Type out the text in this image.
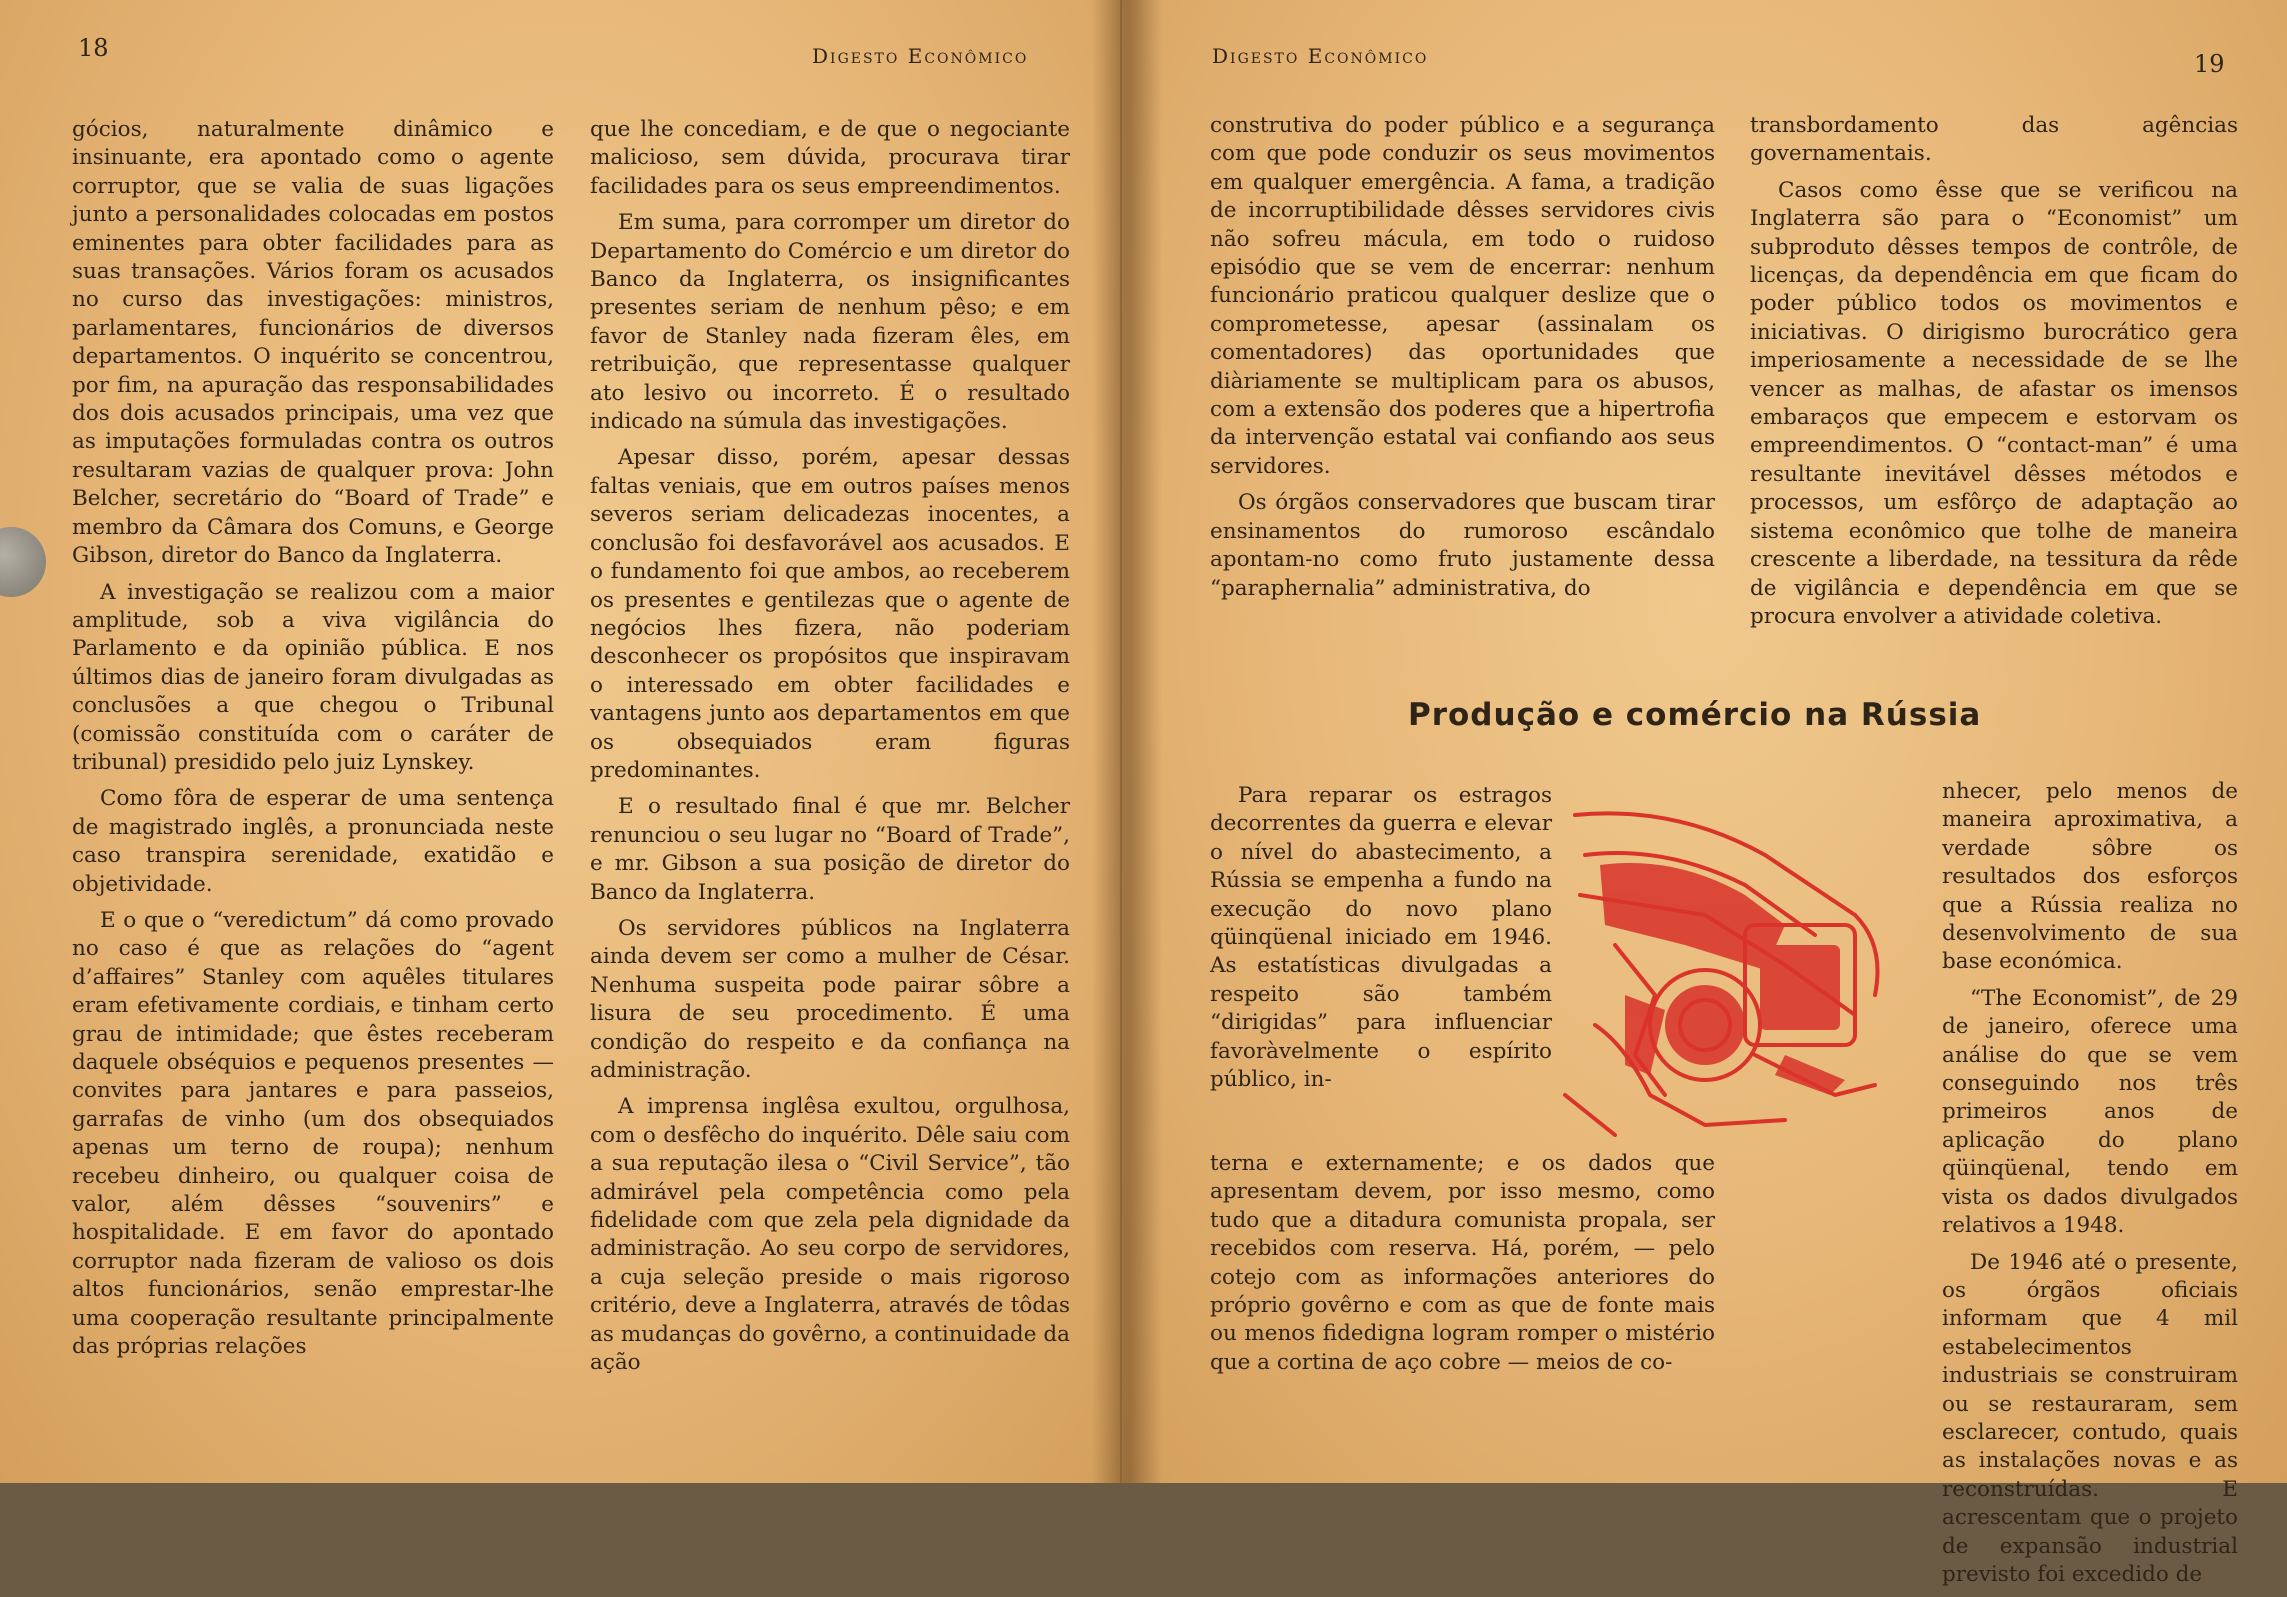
18	Digesto Econômico

gócios, naturalmente dinâmico e insinuante, era apontado como o agente corruptor, que se valia de suas ligações junto a personalidades colocadas em postos eminentes para obter facilidades para as suas transações. Vários foram os acusados no curso das investigações: ministros, parlamentares, funcionários de diversos departamentos. O inquérito se concentrou, por fim, na apuração das responsabilidades dos dois acusados principais, uma vez que as imputações formuladas contra os outros resultaram vazias de qualquer prova: John Belcher, secretário do “Board of Trade” e membro da Câmara dos Comuns, e George Gibson, diretor do Banco da Inglaterra.

A investigação se realizou com a maior amplitude, sob a viva vigilância do Parlamento e da opinião pública. E nos últimos dias de janeiro foram divulgadas as conclusões a que chegou o Tribunal (comissão constituída com o caráter de tribunal) presidido pelo juiz Lynskey.

Como fôra de esperar de uma sentença de magistrado inglês, a pronunciada neste caso transpira serenidade, exatidão e objetividade.

E o que o “veredictum” dá como provado no caso é que as relações do “agent d’affaires” Stanley com aquêles titulares eram efetivamente cordiais, e tinham certo grau de intimidade; que êstes receberam daquele obséquios e pequenos presentes — convites para jantares e para passeios, garrafas de vinho (um dos obsequiados apenas um terno de roupa); nenhum recebeu dinheiro, ou qualquer coisa de valor, além dêsses “souvenirs” e hospitalidade. E em favor do apontado corruptor nada fizeram de valioso os dois altos funcionários, senão emprestar-lhe uma cooperação resultante principalmente das próprias relações

que lhe concediam, e de que o negociante malicioso, sem dúvida, procurava tirar facilidades para os seus empreendimentos.

Em suma, para corromper um diretor do Departamento do Comércio e um diretor do Banco da Inglaterra, os insignificantes presentes seriam de nenhum pêso; e em favor de Stanley nada fizeram êles, em retribuição, que representasse qualquer ato lesivo ou incorreto. É o resultado indicado na súmula das investigações.

Apesar disso, porém, apesar dessas faltas veniais, que em outros países menos severos seriam delicadezas inocentes, a conclusão foi desfavorável aos acusados. E o fundamento foi que ambos, ao receberem os presentes e gentilezas que o agente de negócios lhes fizera, não poderiam desconhecer os propósitos que inspiravam o interessado em obter facilidades e vantagens junto aos departamentos em que os obsequiados eram figuras predominantes.

E o resultado final é que mr. Belcher renunciou o seu lugar no “Board of Trade”, e mr. Gibson a sua posição de diretor do Banco da Inglaterra.

Os servidores públicos na Inglaterra ainda devem ser como a mulher de César. Nenhuma suspeita pode pairar sôbre a lisura de seu procedimento. É uma condição do respeito e da confiança na administração.

A imprensa inglêsa exultou, orgulhosa, com o desfêcho do inquérito. Dêle saiu com a sua reputação ilesa o “Civil Service”, tão admirável pela competência como pela fidelidade com que zela pela dignidade da administração. Ao seu corpo de servidores, a cuja seleção preside o mais rigoroso critério, deve a Inglaterra, através de tôdas as mudanças do govêrno, a continuidade da ação

Digesto Econômico	19

construtiva do poder público e a segurança com que pode conduzir os seus movimentos em qualquer emergência. A fama, a tradição de incorruptibilidade dêsses servidores civis não sofreu mácula, em todo o ruidoso episódio que se vem de encerrar: nenhum funcionário praticou qualquer deslize que o comprometesse, apesar (assinalam os comentadores) das oportunidades que diàriamente se multiplicam para os abusos, com a extensão dos poderes que a hipertrofia da intervenção estatal vai confiando aos seus servidores.

Os órgãos conservadores que buscam tirar ensinamentos do rumoroso escândalo apontam-no como fruto justamente dessa “paraphernalia” administrativa, do

transbordamento das agências governamentais.

Casos como êsse que se verificou na Inglaterra são para o “Economist” um subproduto dêsses tempos de contrôle, de licenças, da dependência em que ficam do poder público todos os movimentos e iniciativas. O dirigismo burocrático gera imperiosamente a necessidade de se lhe vencer as malhas, de afastar os imensos embaraços que empecem e estorvam os empreendimentos. O “contact-man” é uma resultante inevitável dêsses métodos e processos, um esfôrço de adaptação ao sistema econômico que tolhe de maneira crescente a liberdade, na tessitura da rêde de vigilância e dependência em que se procura envolver a atividade coletiva.

Para reparar os estragos decorrentes da guerra e elevar o nível do abastecimento, a Rússia se empenha a fundo na execução do novo plano qüinqüenal iniciado em 1946. As estatísticas divulgadas a respeito são também “dirigidas” para influenciar favoràvelmente o espírito público, in-

terna e externamente; e os dados que apresentam devem, por isso mesmo, como tudo que a ditadura comunista propala, ser recebidos com reserva. Há, porém, — pelo cotejo com as informações anteriores do próprio govêrno e com as que de fonte mais ou menos fidedigna logram romper o mistério que a cortina de aço cobre — meios de co-

nhecer, pelo menos de maneira aproximativa, a verdade sôbre os resultados dos esforços que a Rússia realiza no desenvolvimento de sua base económica.

“The Economist”, de 29 de janeiro, oferece uma análise do que se vem conseguindo nos três primeiros anos de aplicação do plano qüinqüenal, tendo em vista os dados divulgados relativos a 1948.

De 1946 até o presente, os órgãos oficiais informam que 4 mil estabelecimentos industriais se construiram ou se restauraram, sem esclarecer, contudo, quais as instalações novas e as reconstruídas. E acrescentam que o projeto de expansão industrial previsto foi excedido de

Produção e comércio na Rússia
